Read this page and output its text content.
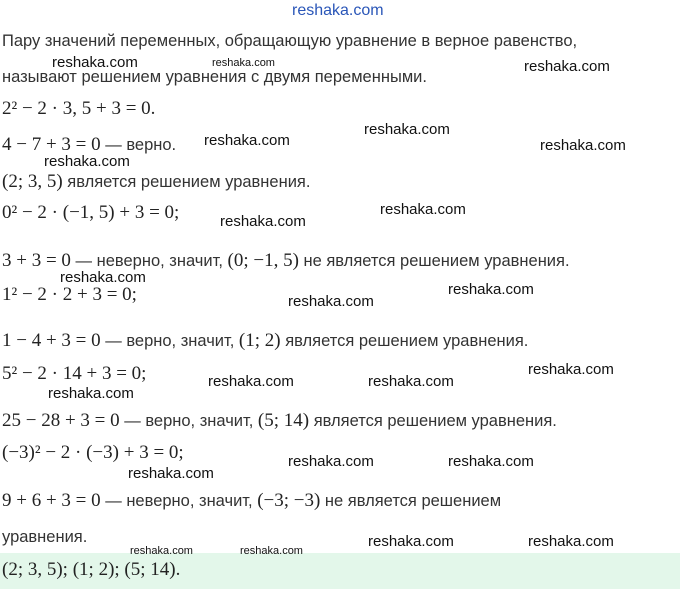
reshaka.com
Пару значений переменных, обращающую уравнение в верное равенство,
называют решением уравнения с двумя переменными.
2² − 2 · 3, 5 + 3 = 0.
4 − 7 + 3 = 0 — верно.
(2; 3, 5) является решением уравнения.
0² − 2 · (−1, 5) + 3 = 0;
3 + 3 = 0 — неверно, значит, (0; −1, 5) не является решением уравнения.
1² − 2 · 2 + 3 = 0;
1 − 4 + 3 = 0 — верно, значит, (1; 2) является решением уравнения.
5² − 2 · 14 + 3 = 0;
25 − 28 + 3 = 0 — верно, значит, (5; 14) является решением уравнения.
(−3)² − 2 · (−3) + 3 = 0;
9 + 6 + 3 = 0 — неверно, значит, (−3; −3) не является решением
уравнения.
(2; 3, 5); (1; 2); (5; 14).
reshaka.com	reshaka.com	reshaka.com
reshaka.com
reshaka.com	reshaka.com
reshaka.com
reshaka.com
reshaka.com
reshaka.com
reshaka.com
reshaka.com
reshaka.com
reshaka.com	reshaka.com
reshaka.com
reshaka.com	reshaka.com
reshaka.com
reshaka.com	reshaka.com
reshaka.com	reshaka.com
